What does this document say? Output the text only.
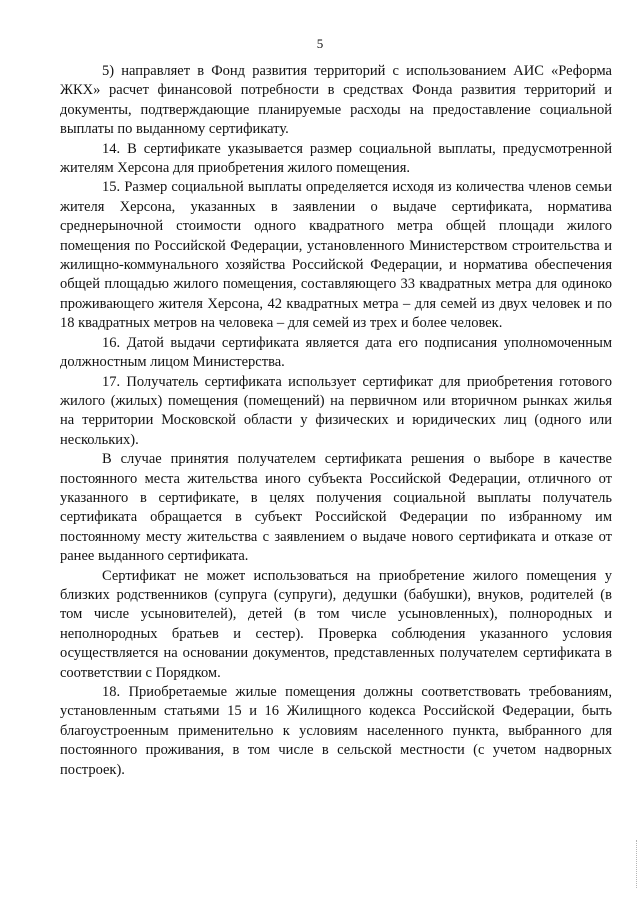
5

5) направляет в Фонд развития территорий с использованием АИС «Реформа ЖКХ» расчет финансовой потребности в средствах Фонда развития территорий и документы, подтверждающие планируемые расходы на предоставление социальной выплаты по выданному сертификату.

14. В сертификате указывается размер социальной выплаты, предусмотренной жителям Херсона для приобретения жилого помещения.

15. Размер социальной выплаты определяется исходя из количества членов семьи жителя Херсона, указанных в заявлении о выдаче сертификата, норматива среднерыночной стоимости одного квадратного метра общей площади жилого помещения по Российской Федерации, установленного Министерством строительства и жилищно-коммунального хозяйства Российской Федерации, и норматива обеспечения общей площадью жилого помещения, составляющего 33 квадратных метра для одиноко проживающего жителя Херсона, 42 квадратных метра – для семей из двух человек и по 18 квадратных метров на человека – для семей из трех и более человек.

16. Датой выдачи сертификата является дата его подписания уполномоченным должностным лицом Министерства.

17. Получатель сертификата использует сертификат для приобретения готового жилого (жилых) помещения (помещений) на первичном или вторичном рынках жилья на территории Московской области у физических и юридических лиц (одного или нескольких).

В случае принятия получателем сертификата решения о выборе в качестве постоянного места жительства иного субъекта Российской Федерации, отличного от указанного в сертификате, в целях получения социальной выплаты получатель сертификата обращается в субъект Российской Федерации по избранному им постоянному месту жительства с заявлением о выдаче нового сертификата и отказе от ранее выданного сертификата.

Сертификат не может использоваться на приобретение жилого помещения у близких родственников (супруга (супруги), дедушки (бабушки), внуков, родителей (в том числе усыновителей), детей (в том числе усыновленных), полнородных и неполнородных братьев и сестер). Проверка соблюдения указанного условия осуществляется на основании документов, представленных получателем сертификата в соответствии с Порядком.

18. Приобретаемые жилые помещения должны соответствовать требованиям, установленным статьями 15 и 16 Жилищного кодекса Российской Федерации, быть благоустроенным применительно к условиям населенного пункта, выбранного для постоянного проживания, в том числе в сельской местности (с учетом надворных построек).
